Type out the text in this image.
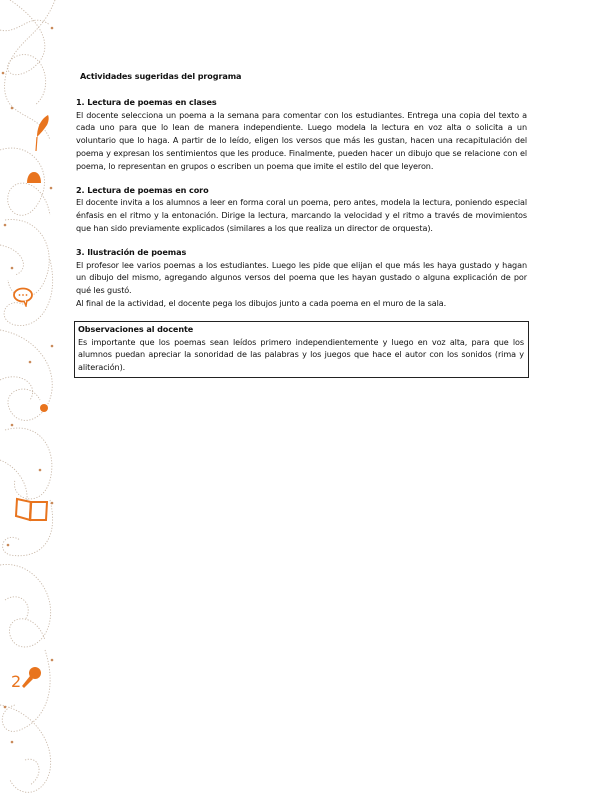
2
Actividades sugeridas del programa
1. Lectura de poemas en clases

El docente selecciona un poema a la semana para comentar con los estudiantes. Entrega una copia del texto a cada uno para que lo lean de manera independiente. Luego modela la lectura en voz alta o solicita a un voluntario que lo haga. A partir de lo leído, eligen los versos que más les gustan, hacen una recapitulación del poema y expresan los sentimientos que les produce. Finalmente, pueden hacer un dibujo que se relacione con el poema, lo representan en grupos o escriben un poema que imite el estilo del que leyeron.

2. Lectura de poemas en coro

El docente invita a los alumnos a leer en forma coral un poema, pero antes, modela la lectura, poniendo especial énfasis en el ritmo y la entonación. Dirige la lectura, marcando la velocidad y el ritmo a través de movimientos que han sido previamente explicados (similares a los que realiza un director de orquesta).

3. Ilustración de poemas

El profesor lee varios poemas a los estudiantes. Luego les pide que elijan el que más les haya gustado y hagan un dibujo del mismo, agregando algunos versos del poema que les hayan gustado o alguna explicación de por qué les gustó.

Al final de la actividad, el docente pega los dibujos junto a cada poema en el muro de la sala.

Observaciones al docente

Es importante que los poemas sean leídos primero independientemente y luego en voz alta, para que los alumnos puedan apreciar la sonoridad de las palabras y los juegos que hace el autor con los sonidos (rima y aliteración).
